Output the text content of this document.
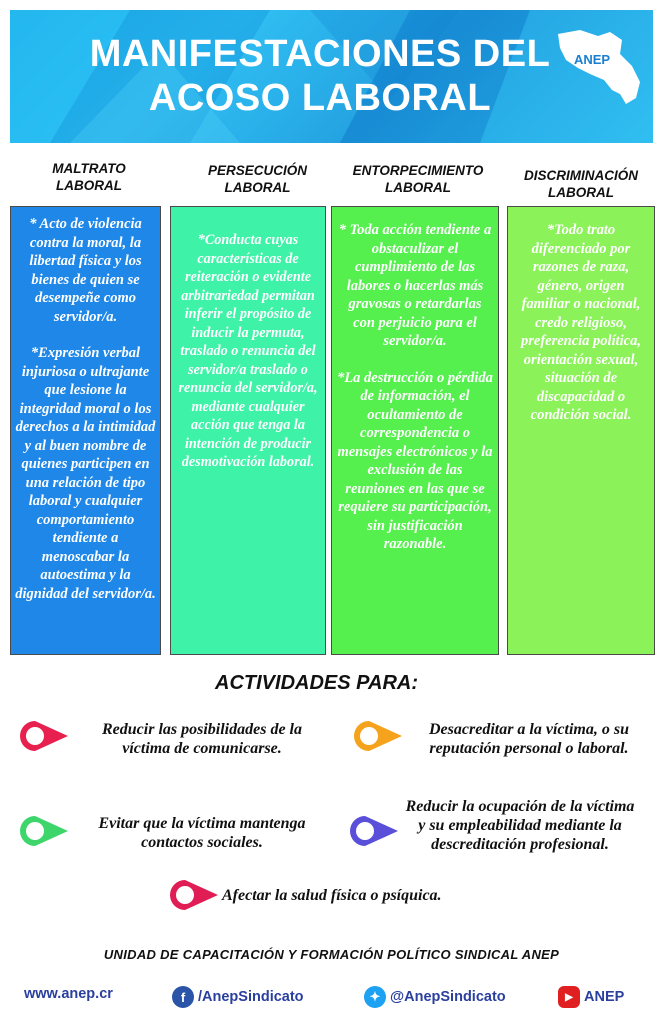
MANIFESTACIONES DEL
ACOSO LABORAL
ANEP
MALTRATO
LABORAL
PERSECUCIÓN
LABORAL
ENTORPECIMIENTO
LABORAL
DISCRIMINACIÓN
LABORAL

* Acto de violencia contra la moral, la libertad física y los bienes de quien se desempeñe como servidor/a.

*Expresión verbal injuriosa o ultrajante que lesione la integridad moral o los derechos a la intimidad y al buen nombre de quienes participen en una relación de tipo laboral y cualquier comportamiento tendiente a menoscabar la autoestima y la dignidad del servidor/a.

*Conducta cuyas características de reiteración o evidente arbitrariedad permitan inferir el propósito de inducir la permuta, traslado o renuncia del servidor/a traslado o renuncia del servidor/a, mediante cualquier acción que tenga la intención de producir desmotivación laboral.

* Toda acción tendiente a obstaculizar el cumplimiento de las labores o hacerlas más gravosas o retardarlas con perjuicio para el servidor/a.

*La destrucción o pérdida de información, el ocultamiento de correspondencia o mensajes electrónicos y la exclusión de las reuniones en las que se requiere su participación, sin justificación razonable.

*Todo trato diferenciado por razones de raza, género, origen familiar o nacional, credo religioso, preferencia política, orientación sexual, situación de discapacidad o condición social.

ACTIVIDADES PARA:
Reducir las posibilidades de la
víctima de comunicarse.
Desacreditar a la víctima, o su
reputación personal o laboral.
Evitar que la víctima mantenga
contactos sociales.
Reducir la ocupación de la víctima
y su empleabilidad mediante la
descreditación profesional.
Afectar la salud física o psíquica.
UNIDAD DE CAPACITACIÓN Y FORMACIÓN POLÍTICO SINDICAL ANEP
www.anep.cr	f /AnepSindicato	✦ @AnepSindicato	▶ ANEP
